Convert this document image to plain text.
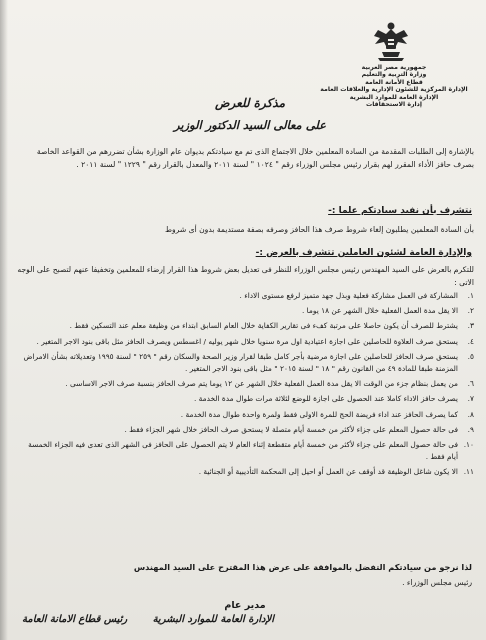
جمهورية مصر العربية
وزارة التربية والتعليم
قطاع الأمانة العامة
الإدارة المركزية للشئون الإدارية والعلاقات العامة
الإدارة العامة للموارد البشرية
إدارة الاستحقاقات
مذكرة للعرض
على معالى السيد الدكتور الوزير
بالإشارة إلى الطلبات المقدمة من السادة المعلمين خلال الاجتماع الذى تم مع سيادتكم بديوان عام الوزارة بشأن تضررهم من القواعد الخاصة بصرف حافز الأداء المقرر لهم بقرار رئيس مجلس الوزراء رقم " ١٠٢٤ " لسنة ٢٠١١ والمعدل بالقرار رقم " ١٢٢٩ " لسنة ٢٠١١ .
نتشرف بأن نفيد سيادتكم علما :-
بأن السادة المعلمين يطلبون إلغاء شروط صرف هذا الحافز وصرفه بصفة مستديمة بدون أى شروط
والإدارة العامة لشئون العاملين تتشرف بالعرض :-
للتكرم بالعرض على السيد المهندس رئيس مجلس الوزراء للنظر فى تعديل بعض شروط هذا القرار إرضاء للمعلمين وتخفيفا عنهم لتصبح على الوجه الاتى :
١.
المشاركة فى العمل مشاركة فعلية وبذل جهد متميز لرفع مستوى الاداء .
٢.
الا يقل مدة العمل الفعلية خلال الشهر عن ١٨ يوما .
٣.
يشترط للصرف أن يكون حاصلا على مرتبة كفء فى تقارير الكفاية خلال العام السابق ابتداء من وظيفة معلم عند التسكين فقط .
٤.
يستحق صرف العلاوة للحاصلين على اجازة اعتيادية اول مرة سنويا خلال شهر يوليه / اغسطس ويصرف الحافز مثل باقى بنود الاجر المتغير .
٥.
يستحق صرف الحافز للحاصلين على اجازة مرضية بأجر كامل طبقا لقرار وزير الصحة والسكان رقم " ٢٥٩ " لسنة ١٩٩٥ وتعديلاته بشأن الامراض المزمنة طبقا للمادة ٤٩ من القانون رقم " ١٨ " لسنة ٢٠١٥ " مثل باقى بنود الاجر المتغير .
٦.
من يعمل بنظام جزء من الوقت الا يقل مدة العمل الفعلية خلال الشهر عن ١٢ يوما يتم صرف الحافز بنسبة صرف الاجر الاساسى .
٧.
يصرف حافز الاداء كاملا عند الحصول على اجازة للوضع لثلاثة مرات طوال مدة الخدمة .
٨.
كما يصرف الحافز عند اداء فريضة الحج للمرة الاولى فقط ولمرة واحدة طوال مدة الخدمة .
٩.
فى حالة حصول المعلم على جزاء لأكثر من خمسة أيام متصلة لا يستحق صرف الحافز خلال شهر الجزاء فقط .
١٠.
فى حالة حصول المعلم على جزاء لأكثر من خمسة أيام متقطعة إثناء العام لا يتم الحصول على الحافز فى الشهر الذى تعدى فيه الجزاء الخمسة أيام فقط .
١١.
الا يكون شاغل الوظيفة قد أوقف عن العمل أو احيل إلى المحكمة التأديبية أو الجنائية .
لذا نرجو من سيادتكم التفضل بالموافقة على عرض هذا المقترح على السيد المهندس
رئيس مجلس الوزراء .
مدير عام
الإدارة العامة للموارد البشرية
رئيس قطاع الامانة العامة
